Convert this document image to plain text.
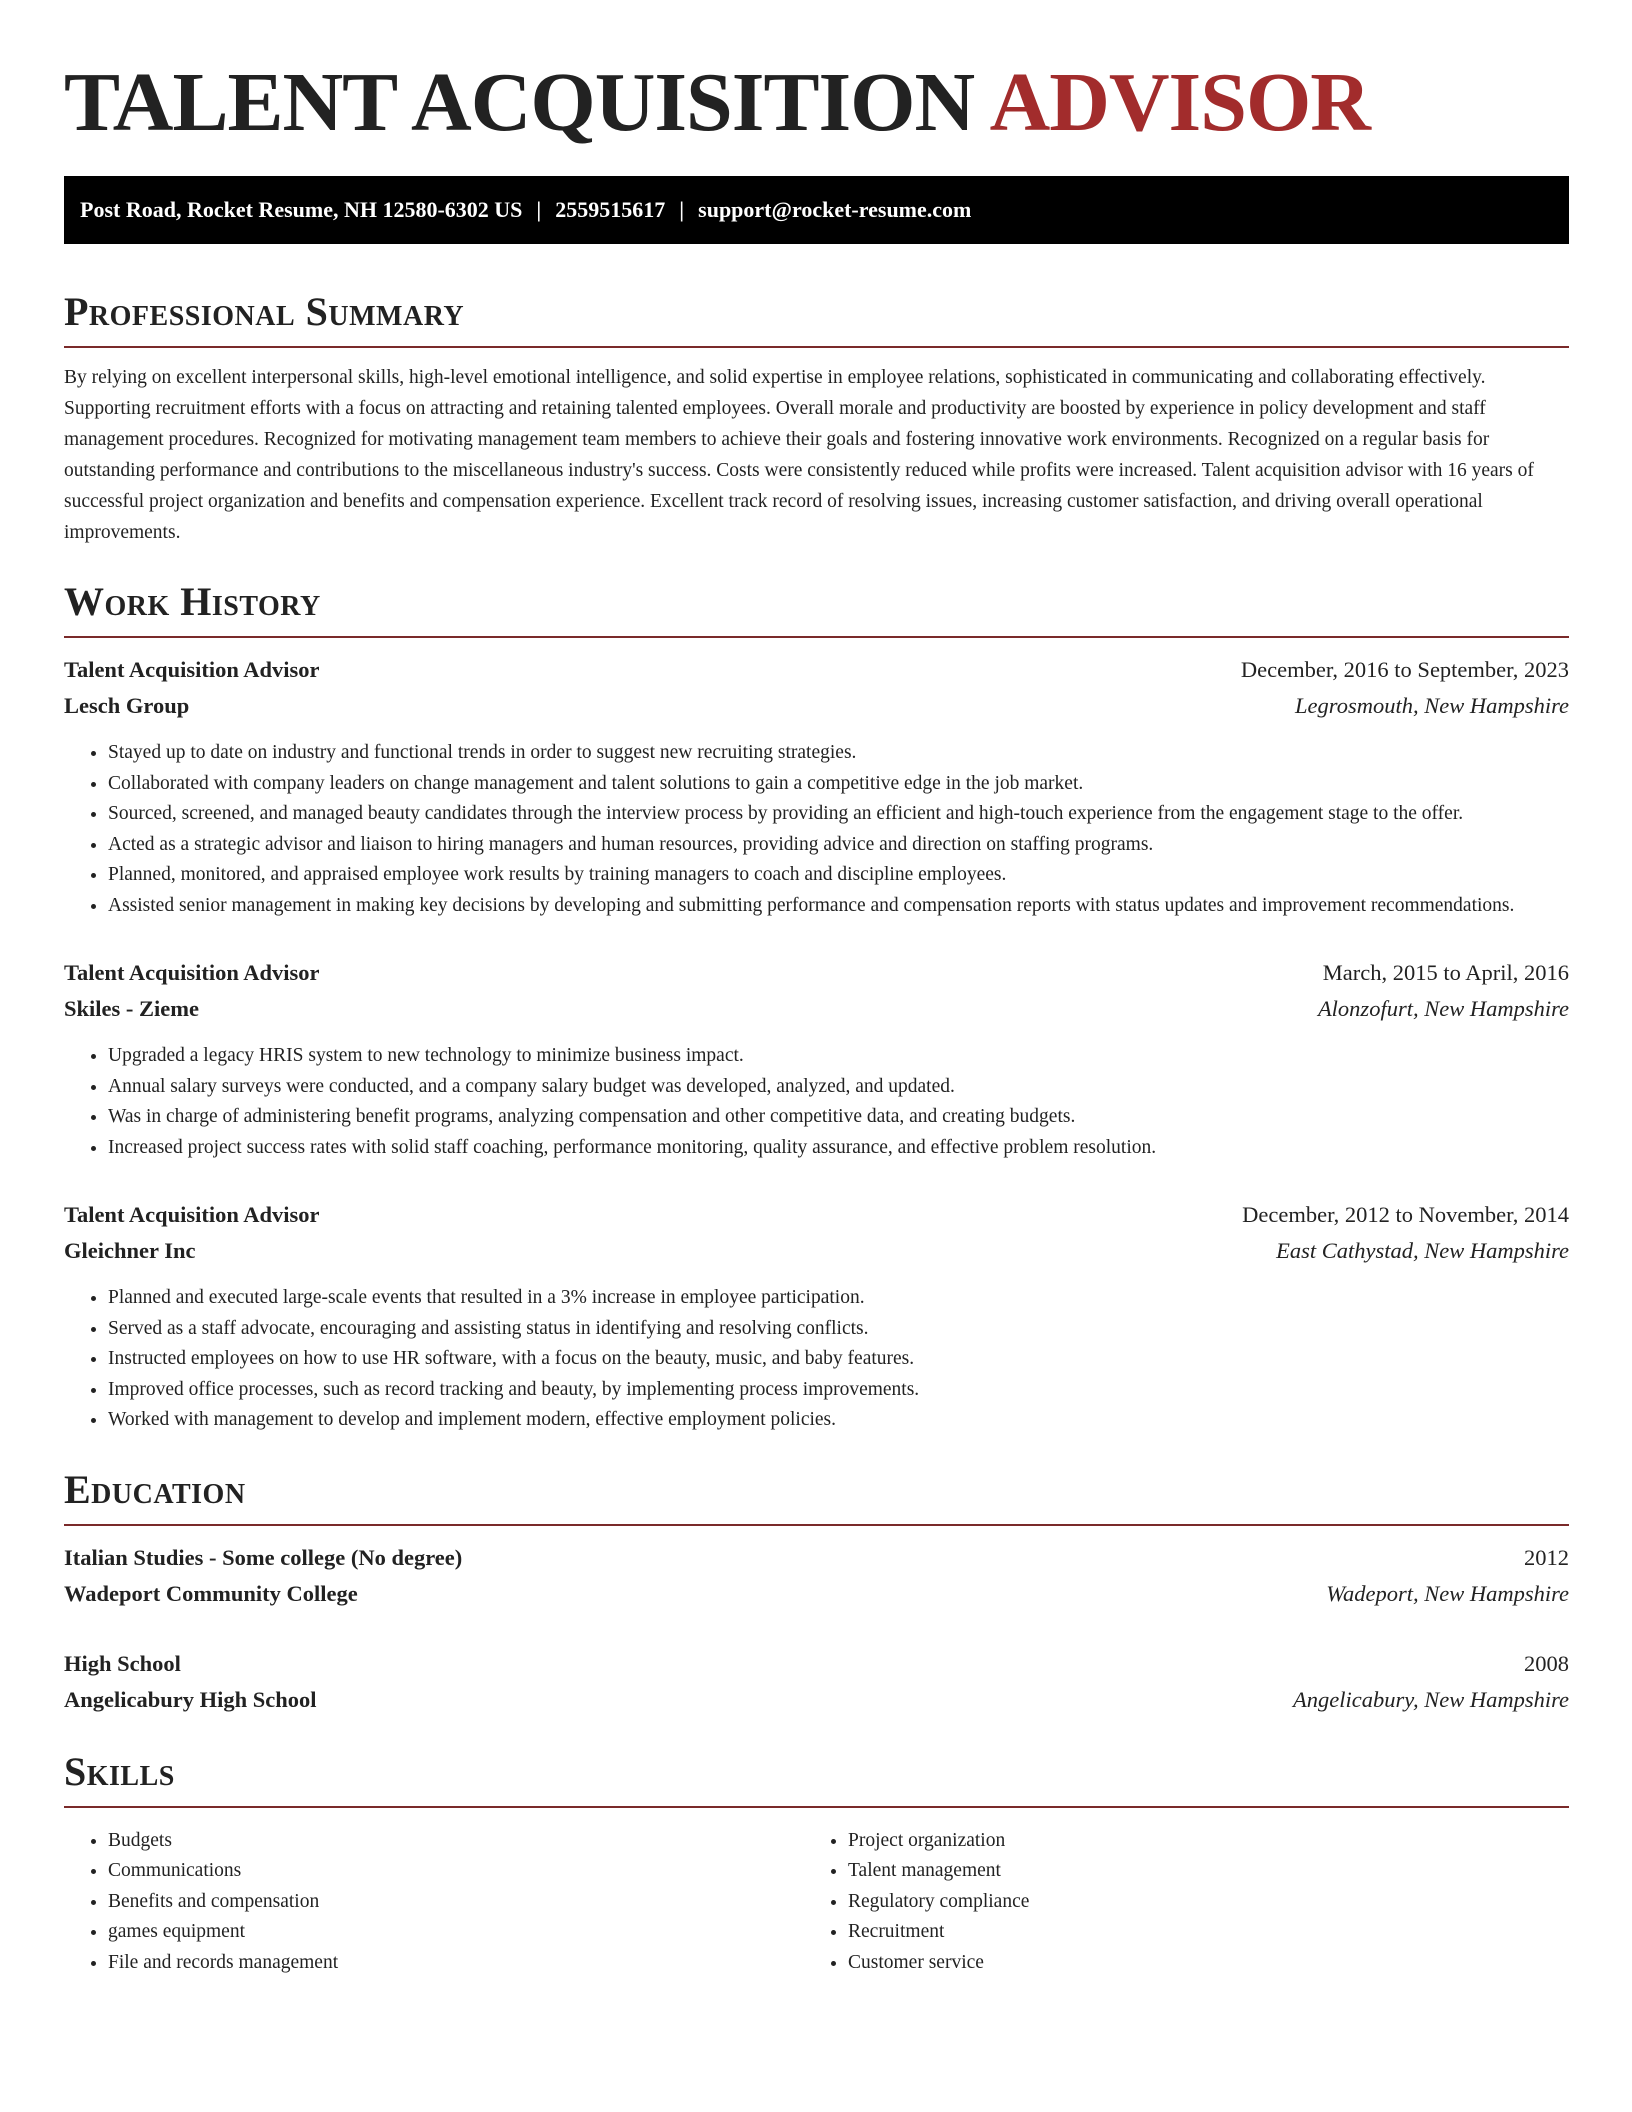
TALENT ACQUISITION ADVISOR
Post Road, Rocket Resume, NH 12580-6302 US | 2559515617 | support@rocket-resume.com
Professional Summary

By relying on excellent interpersonal skills, high-level emotional intelligence, and solid expertise in employee relations, sophisticated in communicating and collaborating effectively. Supporting recruitment efforts with a focus on attracting and retaining talented employees. Overall morale and productivity are boosted by experience in policy development and staff management procedures. Recognized for motivating management team members to achieve their goals and fostering innovative work environments. Recognized on a regular basis for outstanding performance and contributions to the miscellaneous industry's success. Costs were consistently reduced while profits were increased. Talent acquisition advisor with 16 years of successful project organization and benefits and compensation experience. Excellent track record of resolving issues, increasing customer satisfaction, and driving overall operational improvements.

Work History
Talent Acquisition Advisor	December, 2016 to September, 2023
Lesch Group	Legrosmouth, New Hampshire
• Stayed up to date on industry and functional trends in order to suggest new recruiting strategies.
• Collaborated with company leaders on change management and talent solutions to gain a competitive edge in the job market.
• Sourced, screened, and managed beauty candidates through the interview process by providing an efficient and high-touch experience from the engagement stage to the offer.
• Acted as a strategic advisor and liaison to hiring managers and human resources, providing advice and direction on staffing programs.
• Planned, monitored, and appraised employee work results by training managers to coach and discipline employees.
• Assisted senior management in making key decisions by developing and submitting performance and compensation reports with status updates and improvement recommendations.
Talent Acquisition Advisor	March, 2015 to April, 2016
Skiles - Zieme	Alonzofurt, New Hampshire
• Upgraded a legacy HRIS system to new technology to minimize business impact.
• Annual salary surveys were conducted, and a company salary budget was developed, analyzed, and updated.
• Was in charge of administering benefit programs, analyzing compensation and other competitive data, and creating budgets.
• Increased project success rates with solid staff coaching, performance monitoring, quality assurance, and effective problem resolution.
Talent Acquisition Advisor	December, 2012 to November, 2014
Gleichner Inc	East Cathystad, New Hampshire
• Planned and executed large-scale events that resulted in a 3% increase in employee participation.
• Served as a staff advocate, encouraging and assisting status in identifying and resolving conflicts.
• Instructed employees on how to use HR software, with a focus on the beauty, music, and baby features.
• Improved office processes, such as record tracking and beauty, by implementing process improvements.
• Worked with management to develop and implement modern, effective employment policies.
Education
Italian Studies - Some college (No degree)	2012
Wadeport Community College	Wadeport, New Hampshire
High School	2008
Angelicabury High School	Angelicabury, New Hampshire
Skills
• Budgets
• Communications
• Benefits and compensation
• games equipment
• File and records management
• Project organization
• Talent management
• Regulatory compliance
• Recruitment
• Customer service
